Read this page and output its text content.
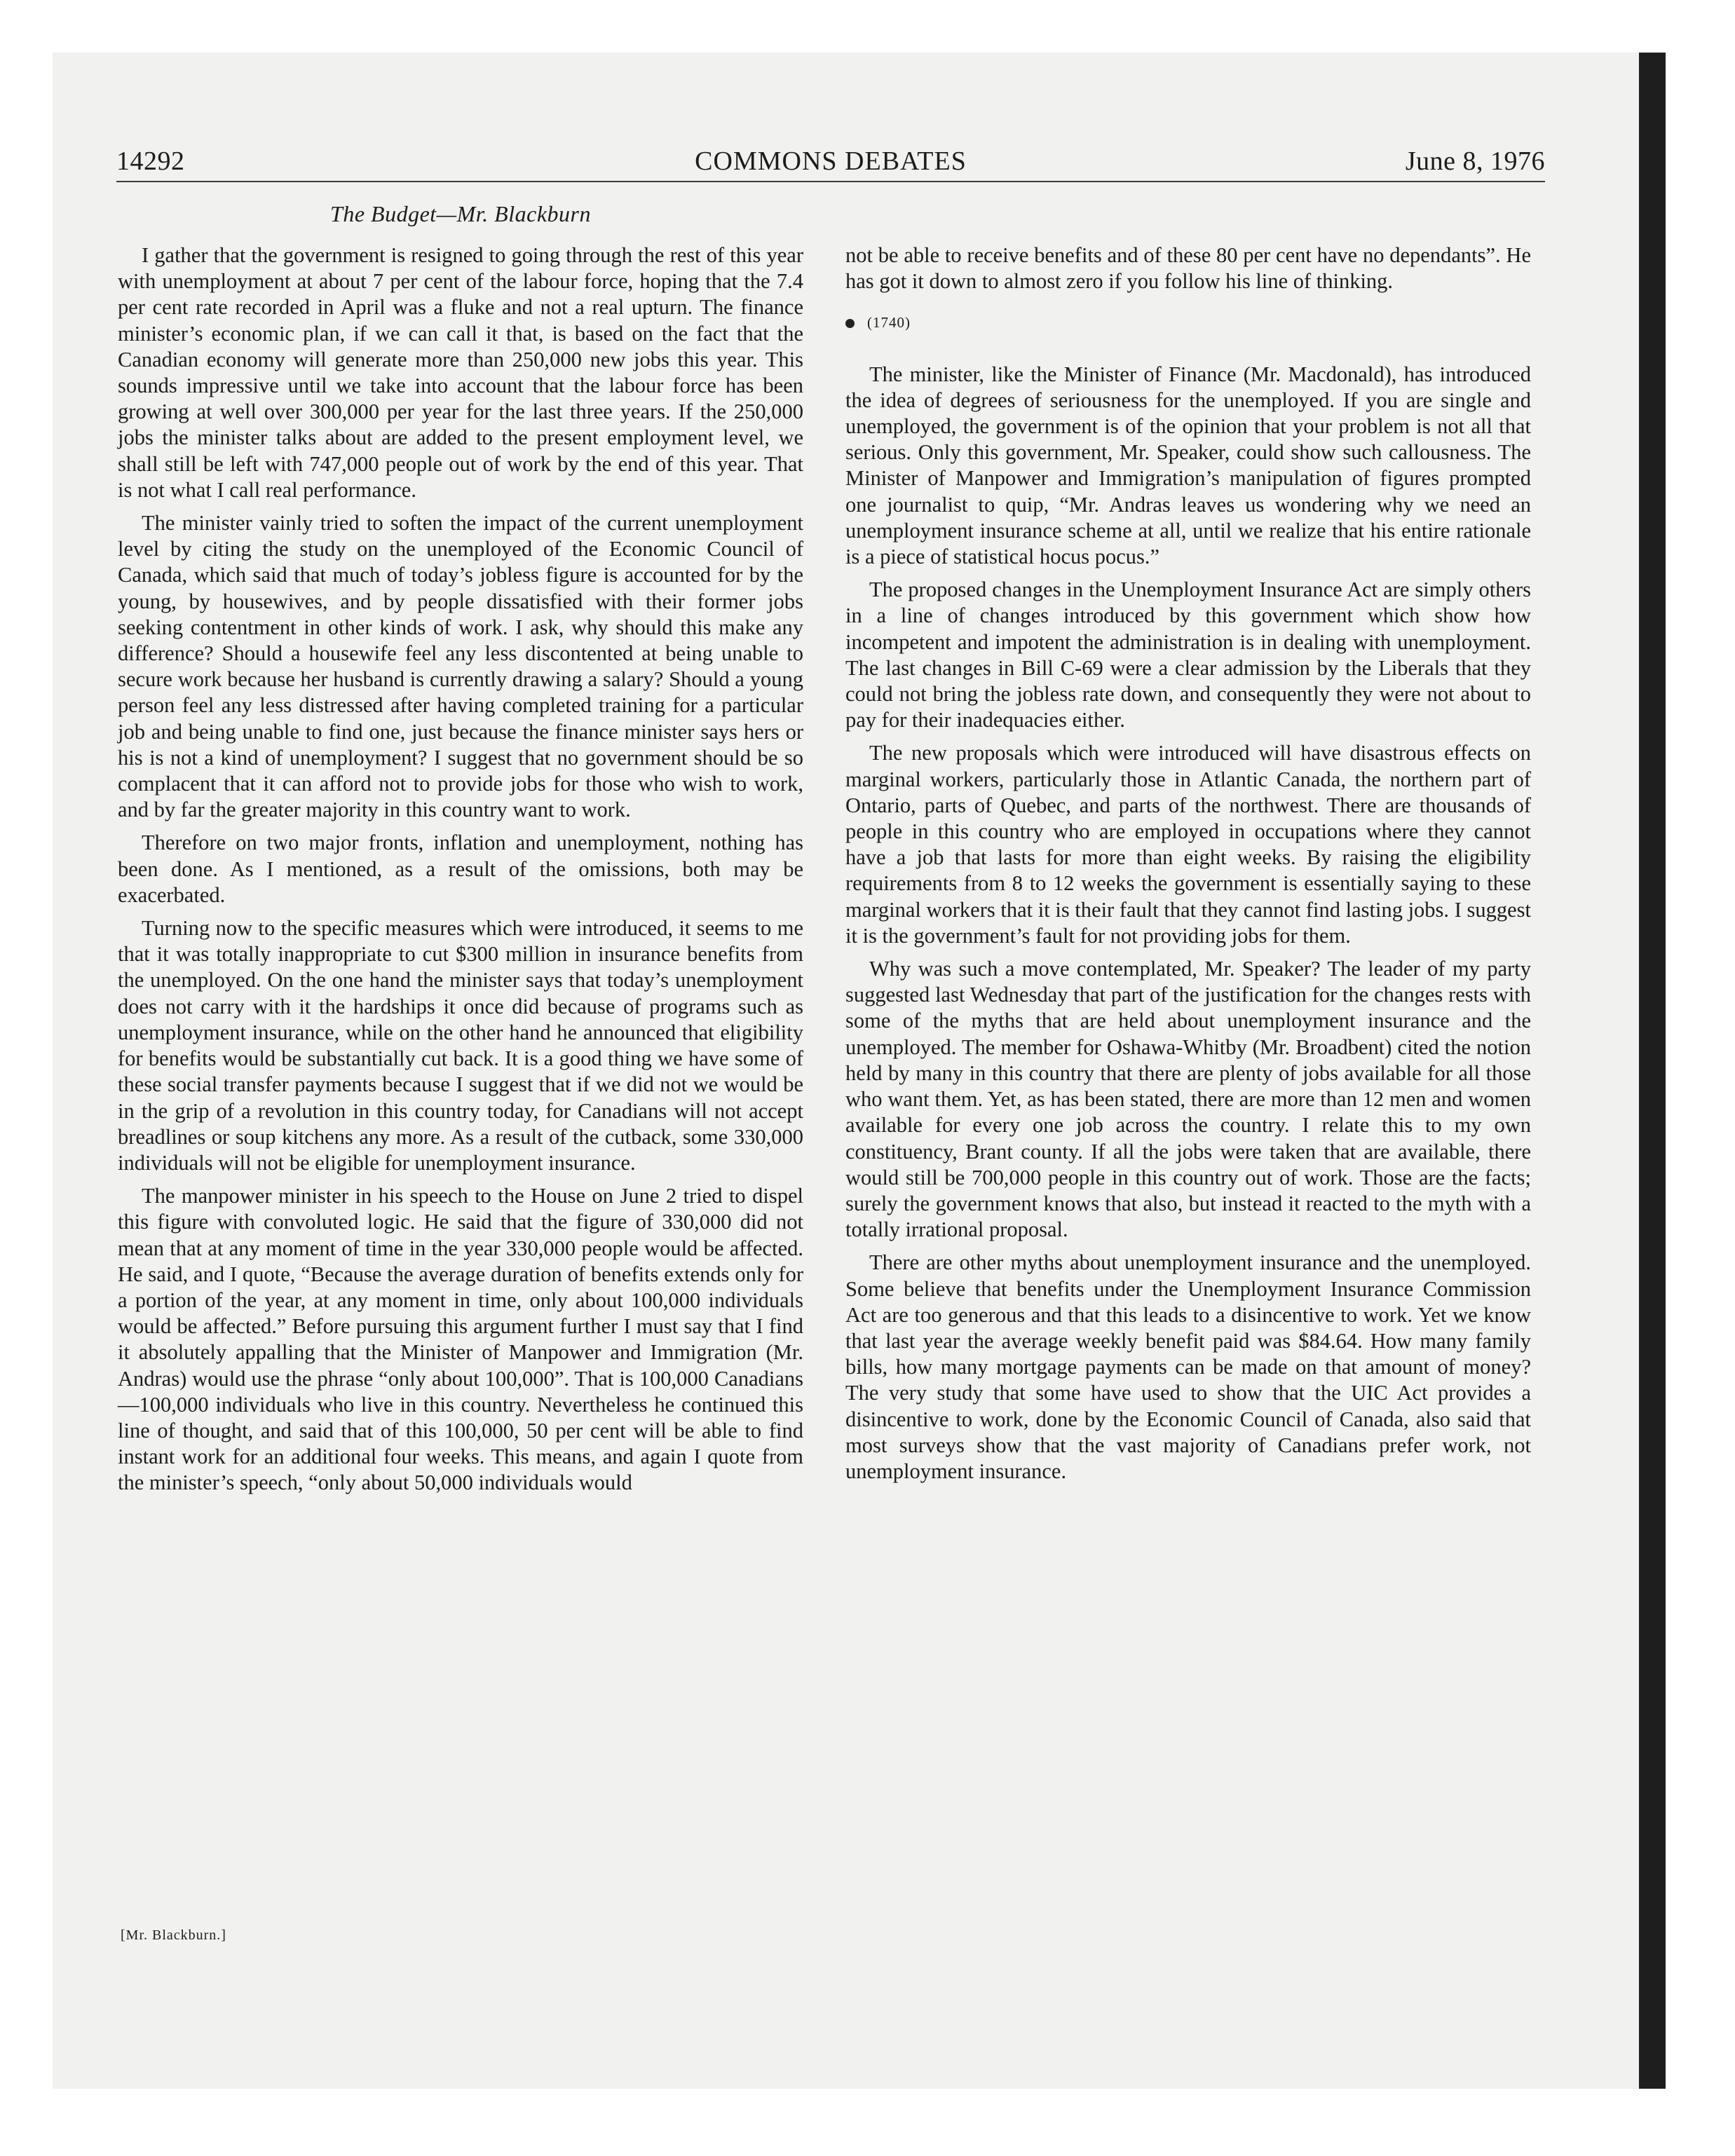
14292	COMMONS DEBATES	June 8, 1976
The Budget—Mr. Blackburn

I gather that the government is resigned to going through the rest of this year with unemployment at about 7 per cent of the labour force, hoping that the 7.4 per cent rate recorded in April was a fluke and not a real upturn. The finance minister’s economic plan, if we can call it that, is based on the fact that the Canadian economy will generate more than 250,000 new jobs this year. This sounds impressive until we take into account that the labour force has been growing at well over 300,000 per year for the last three years. If the 250,000 jobs the minister talks about are added to the present employment level, we shall still be left with 747,000 people out of work by the end of this year. That is not what I call real performance.

The minister vainly tried to soften the impact of the current unemployment level by citing the study on the unemployed of the Economic Council of Canada, which said that much of today’s jobless figure is accounted for by the young, by housewives, and by people dissatisfied with their former jobs seeking contentment in other kinds of work. I ask, why should this make any difference? Should a housewife feel any less discontented at being unable to secure work because her husband is currently drawing a salary? Should a young person feel any less distressed after having completed training for a particular job and being unable to find one, just because the finance minister says hers or his is not a kind of unemployment? I suggest that no government should be so complacent that it can afford not to provide jobs for those who wish to work, and by far the greater majority in this country want to work.

Therefore on two major fronts, inflation and unemployment, nothing has been done. As I mentioned, as a result of the omissions, both may be exacerbated.

Turning now to the specific measures which were introduced, it seems to me that it was totally inappropriate to cut $300 million in insurance benefits from the unemployed. On the one hand the minister says that today’s unemployment does not carry with it the hardships it once did because of programs such as unemployment insurance, while on the other hand he announced that eligibility for benefits would be substantially cut back. It is a good thing we have some of these social transfer payments because I suggest that if we did not we would be in the grip of a revolution in this country today, for Canadians will not accept breadlines or soup kitchens any more. As a result of the cutback, some 330,000 individuals will not be eligible for unemployment insurance.

The manpower minister in his speech to the House on June 2 tried to dispel this figure with convoluted logic. He said that the figure of 330,000 did not mean that at any moment of time in the year 330,000 people would be affected. He said, and I quote, “Because the average duration of benefits extends only for a portion of the year, at any moment in time, only about 100,000 individuals would be affected.” Before pursuing this argument further I must say that I find it absolutely appalling that the Minister of Manpower and Immigration (Mr. Andras) would use the phrase “only about 100,000”. That is 100,000 Canadians—100,000 individuals who live in this country. Nevertheless he continued this line of thought, and said that of this 100,000, 50 per cent will be able to find instant work for an additional four weeks. This means, and again I quote from the minister’s speech, “only about 50,000 individuals would

[Mr. Blackburn.]

not be able to receive benefits and of these 80 per cent have no dependants”. He has got it down to almost zero if you follow his line of thinking.

(1740)

The minister, like the Minister of Finance (Mr. Macdonald), has introduced the idea of degrees of seriousness for the unemployed. If you are single and unemployed, the government is of the opinion that your problem is not all that serious. Only this government, Mr. Speaker, could show such callousness. The Minister of Manpower and Immigration’s manipulation of figures prompted one journalist to quip, “Mr. Andras leaves us wondering why we need an unemployment insurance scheme at all, until we realize that his entire rationale is a piece of statistical hocus pocus.”

The proposed changes in the Unemployment Insurance Act are simply others in a line of changes introduced by this government which show how incompetent and impotent the administration is in dealing with unemployment. The last changes in Bill C-69 were a clear admission by the Liberals that they could not bring the jobless rate down, and consequently they were not about to pay for their inadequacies either.

The new proposals which were introduced will have disastrous effects on marginal workers, particularly those in Atlantic Canada, the northern part of Ontario, parts of Quebec, and parts of the northwest. There are thousands of people in this country who are employed in occupations where they cannot have a job that lasts for more than eight weeks. By raising the eligibility requirements from 8 to 12 weeks the government is essentially saying to these marginal workers that it is their fault that they cannot find lasting jobs. I suggest it is the government’s fault for not providing jobs for them.

Why was such a move contemplated, Mr. Speaker? The leader of my party suggested last Wednesday that part of the justification for the changes rests with some of the myths that are held about unemployment insurance and the unemployed. The member for Oshawa-Whitby (Mr. Broadbent) cited the notion held by many in this country that there are plenty of jobs available for all those who want them. Yet, as has been stated, there are more than 12 men and women available for every one job across the country. I relate this to my own constituency, Brant county. If all the jobs were taken that are available, there would still be 700,000 people in this country out of work. Those are the facts; surely the government knows that also, but instead it reacted to the myth with a totally irrational proposal.

There are other myths about unemployment insurance and the unemployed. Some believe that benefits under the Unemployment Insurance Commission Act are too generous and that this leads to a disincentive to work. Yet we know that last year the average weekly benefit paid was $84.64. How many family bills, how many mortgage payments can be made on that amount of money? The very study that some have used to show that the UIC Act provides a disincentive to work, done by the Economic Council of Canada, also said that most surveys show that the vast majority of Canadians prefer work, not unemployment insurance.
